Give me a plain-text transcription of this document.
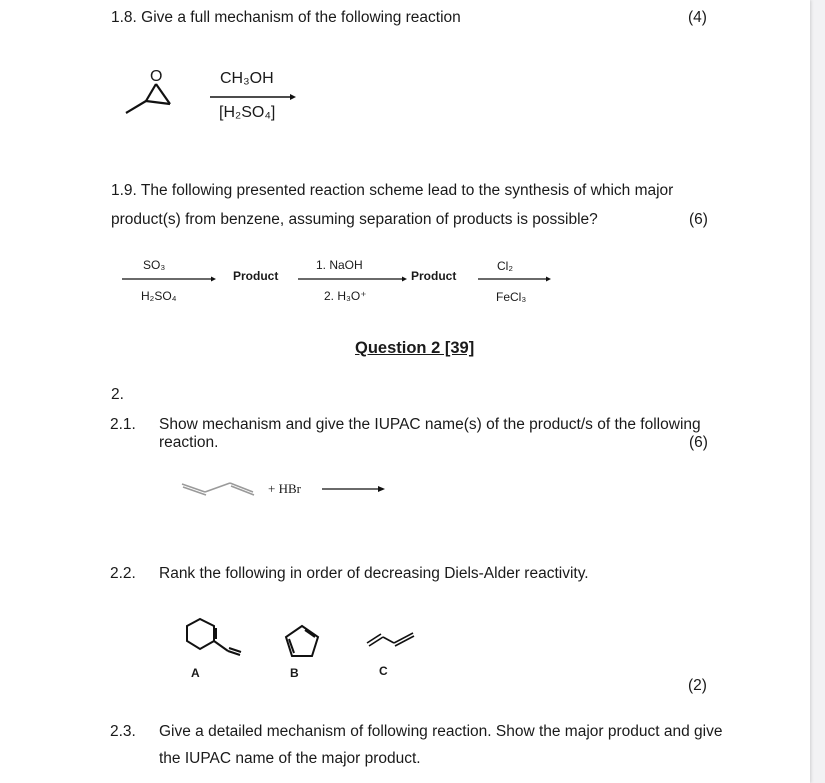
1.8. Give a full mechanism of the following reaction	(4)
CH₃OH
[H₂SO₄]
O
1.9. The following presented reaction scheme lead to the synthesis of which major
product(s) from benzene, assuming separation of products is possible?	(6)
SO₃
H₂SO₄
Product
1. NaOH
2. H₃O⁺
Product
Cl₂
FeCl₃
Question 2 [39]
2.
2.1. Show mechanism and give the IUPAC name(s) of the product/s of the following
reaction.	(6)
+ HBr
2.2. Rank the following in order of decreasing Diels-Alder reactivity.
A	B	C
(2)
2.3. Give a detailed mechanism of following reaction. Show the major product and give
the IUPAC name of the major product.
